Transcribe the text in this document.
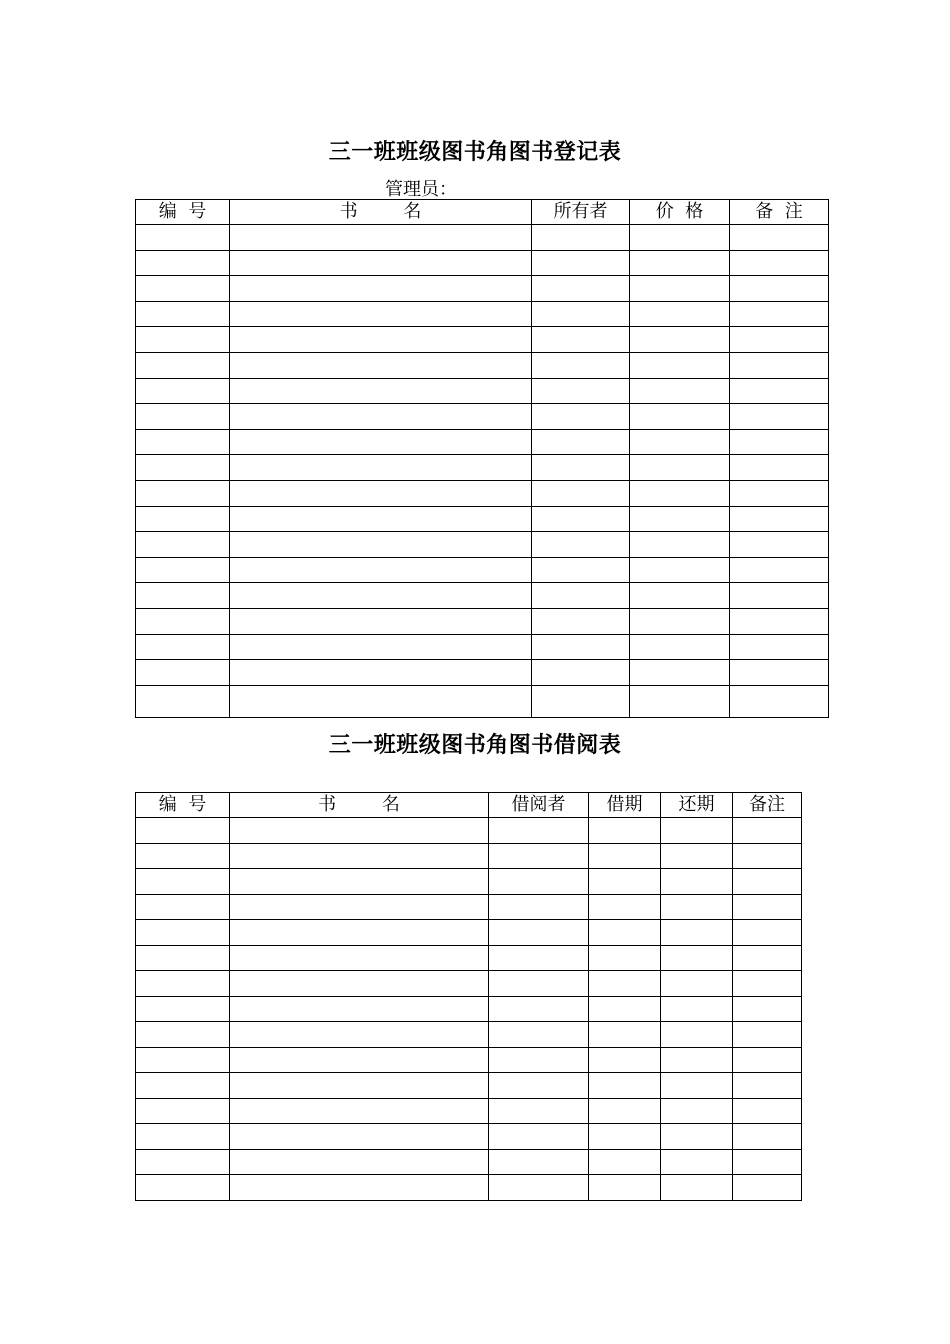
三一班班级图书角图书登记表
管理员：
编  号	书        名	所有者	价  格	备  注

三一班班级图书角图书借阅表
编  号	书        名	借阅者	借期	还期	备注
